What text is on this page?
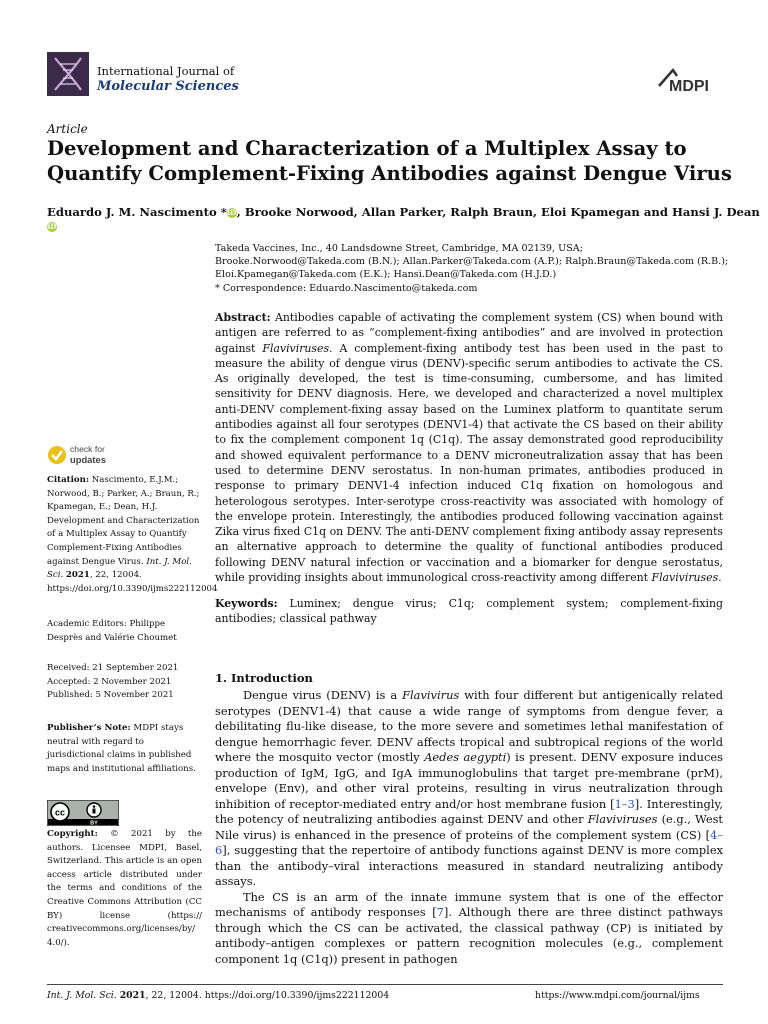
International Journal of
Molecular Sciences	MDPI
Article
Development and Characterization of a Multiplex Assay to Quantify Complement-Fixing Antibodies against Dengue Virus
Eduardo J. M. Nascimento *iD, Brooke Norwood, Allan Parker, Ralph Braun, Eloi Kpamegan and Hansi J. Dean iD
Takeda Vaccines, Inc., 40 Landsdowne Street, Cambridge, MA 02139, USA; Brooke.Norwood@Takeda.com (B.N.); Allan.Parker@Takeda.com (A.P.); Ralph.Braun@Takeda.com (R.B.); Eloi.Kpamegan@Takeda.com (E.K.); Hansi.Dean@Takeda.com (H.J.D.)
* Correspondence: Eduardo.Nascimento@takeda.com
Abstract: Antibodies capable of activating the complement system (CS) when bound with antigen are referred to as “complement-fixing antibodies” and are involved in protection against Flaviviruses. A complement-fixing antibody test has been used in the past to measure the ability of dengue virus (DENV)-specific serum antibodies to activate the CS. As originally developed, the test is time-consuming, cumbersome, and has limited sensitivity for DENV diagnosis. Here, we developed and characterized a novel multiplex anti-DENV complement-fixing assay based on the Luminex platform to quantitate serum antibodies against all four serotypes (DENV1-4) that activate the CS based on their ability to fix the complement component 1q (C1q). The assay demonstrated good reproducibility and showed equivalent performance to a DENV microneutralization assay that has been used to determine DENV serostatus. In non-human primates, antibodies produced in response to primary DENV1-4 infection induced C1q fixation on homologous and heterologous serotypes. Inter-serotype cross-reactivity was associated with homology of the envelope protein. Interestingly, the antibodies produced following vaccination against Zika virus fixed C1q on DENV. The anti-DENV complement fixing antibody assay represents an alternative approach to determine the quality of functional antibodies produced following DENV natural infection or vaccination and a biomarker for dengue serostatus, while providing insights about immunological cross-reactivity among different Flaviviruses.
Keywords: Luminex; dengue virus; C1q; complement system; complement-fixing antibodies; classical pathway
check for
updates
Citation: Nascimento, E.J.M.; Norwood, B.; Parker, A.; Braun, R.; Kpamegan, E.; Dean, H.J. Development and Characterization of a Multiplex Assay to Quantify Complement-Fixing Antibodies against Dengue Virus. Int. J. Mol. Sci. 2021, 22, 12004. https://doi.org/10.3390/ijms222112004
Academic Editors: Philippe Desprès and Valérie Choumet
Received: 21 September 2021
Accepted: 2 November 2021
Published: 5 November 2021
Publisher’s Note: MDPI stays neutral with regard to jurisdictional claims in published maps and institutional affiliations.
cc
BY
Copyright: © 2021 by the authors. Licensee MDPI, Basel, Switzerland. This article is an open access article distributed under the terms and conditions of the Creative Commons Attribution (CC BY) license (https:// creativecommons.org/licenses/by/ 4.0/).
1. Introduction

Dengue virus (DENV) is a Flavivirus with four different but antigenically related serotypes (DENV1-4) that cause a wide range of symptoms from dengue fever, a debilitating flu-like disease, to the more severe and sometimes lethal manifestation of dengue hemorrhagic fever. DENV affects tropical and subtropical regions of the world where the mosquito vector (mostly Aedes aegypti) is present. DENV exposure induces production of IgM, IgG, and IgA immunoglobulins that target pre-membrane (prM), envelope (Env), and other viral proteins, resulting in virus neutralization through inhibition of receptor-mediated entry and/or host membrane fusion [1–3]. Interestingly, the potency of neutralizing antibodies against DENV and other Flaviviruses (e.g., West Nile virus) is enhanced in the presence of proteins of the complement system (CS) [4–6], suggesting that the repertoire of antibody functions against DENV is more complex than the antibody–viral interactions measured in standard neutralizing antibody assays.

The CS is an arm of the innate immune system that is one of the effector mechanisms of antibody responses [7]. Although there are three distinct pathways through which the CS can be activated, the classical pathway (CP) is initiated by antibody–antigen complexes or pattern recognition molecules (e.g., complement component 1q (C1q)) present in pathogen

Int. J. Mol. Sci. 2021, 22, 12004. https://doi.org/10.3390/ijms222112004	https://www.mdpi.com/journal/ijms
